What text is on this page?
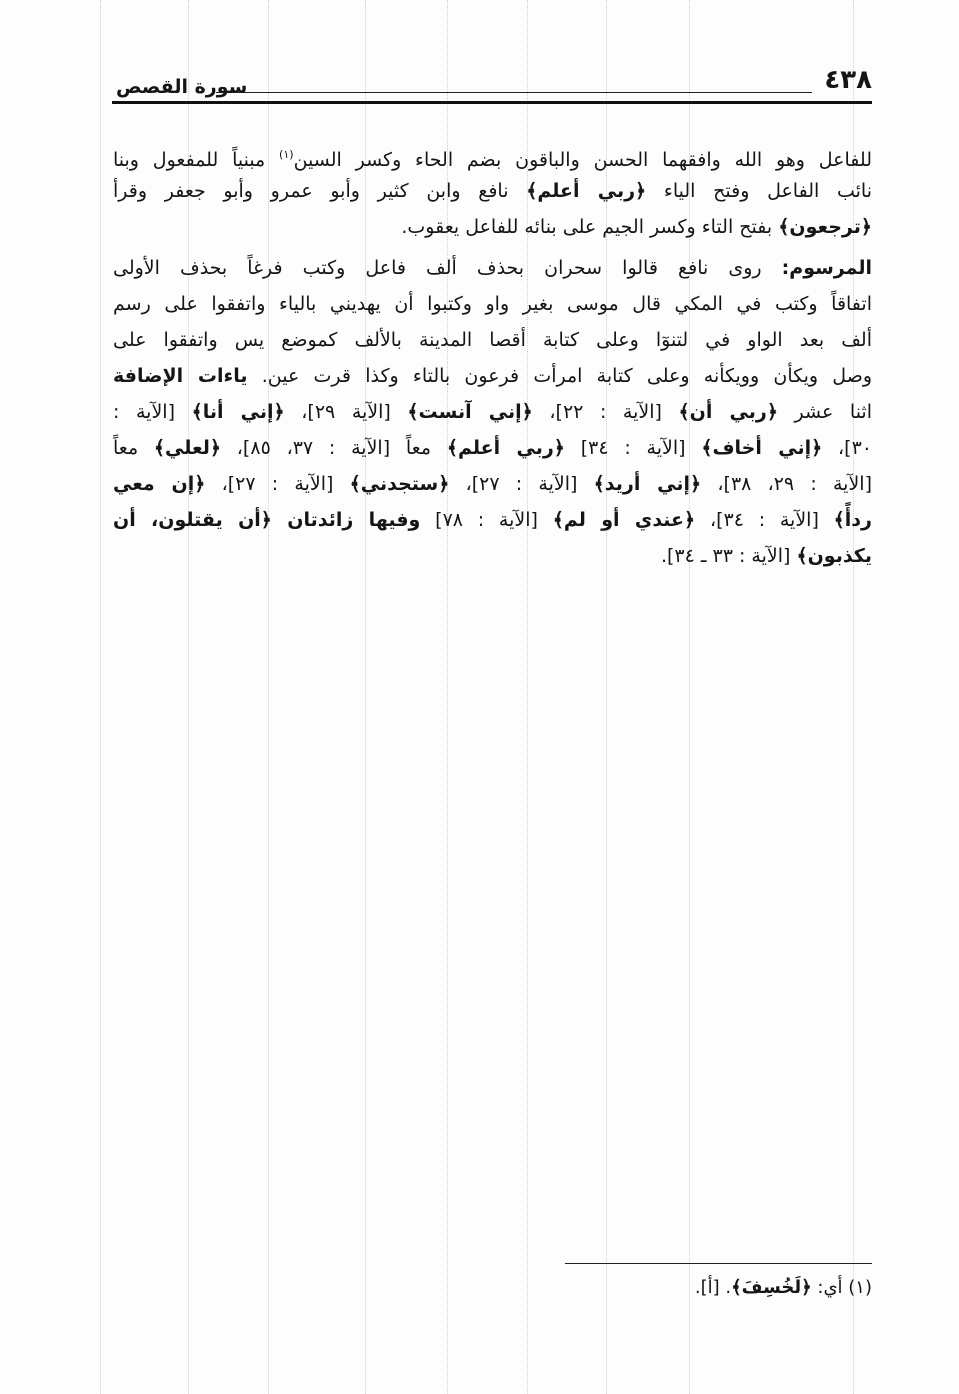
٤٣٨
سورة القصص
للفاعل وهو الله وافقهما الحسن والباقون بضم الحاء وكسر السين$^{(١)}$ مبنياً للمفعول وبنا
نائب الفاعل وفتح الياء ﴿ربي أعلم﴾ نافع وابن كثير وأبو عمرو وأبو جعفر وقرأ
﴿ترجعون﴾ بفتح التاء وكسر الجيم على بنائه للفاعل يعقوب.
المرسوم: روى نافع قالوا سحران بحذف ألف فاعل وكتب فرغاً بحذف الأولى
اتفاقاً وكتب في المكي قال موسى بغير واو وكتبوا أن يهديني بالياء واتفقوا على رسم
ألف بعد الواو في لتنوٓا وعلى كتابة أقصا المدينة بالألف كموضع يس واتفقوا على
وصل ويكأن وويكأنه وعلى كتابة امرأت فرعون بالتاء وكذا قرت عين. ياءات الإضافة
اثنا عشر ﴿ربي أن﴾ [الآية : ٢٢]، ﴿إني آنست﴾ [الآية ٢٩]، ﴿إني أنا﴾ [الآية :
٣٠]، ﴿إني أخاف﴾ [الآية : ٣٤] ﴿ربي أعلم﴾ معاً [الآية : ٣٧، ٨٥]، ﴿لعلي﴾ معاً
[الآية : ٢٩، ٣٨]، ﴿إني أريد﴾ [الآية : ٢٧]، ﴿ستجدني﴾ [الآية : ٢٧]، ﴿إن معي
ردأً﴾ [الآية : ٣٤]، ﴿عندي أو لم﴾ [الآية : ٧٨] وفيها زائدتان ﴿أن يقتلون، أن
يكذبون﴾ [الآية : ٣٣ ـ ٣٤].
(١) أي: ﴿لَخُسِفَ﴾. [أ].
